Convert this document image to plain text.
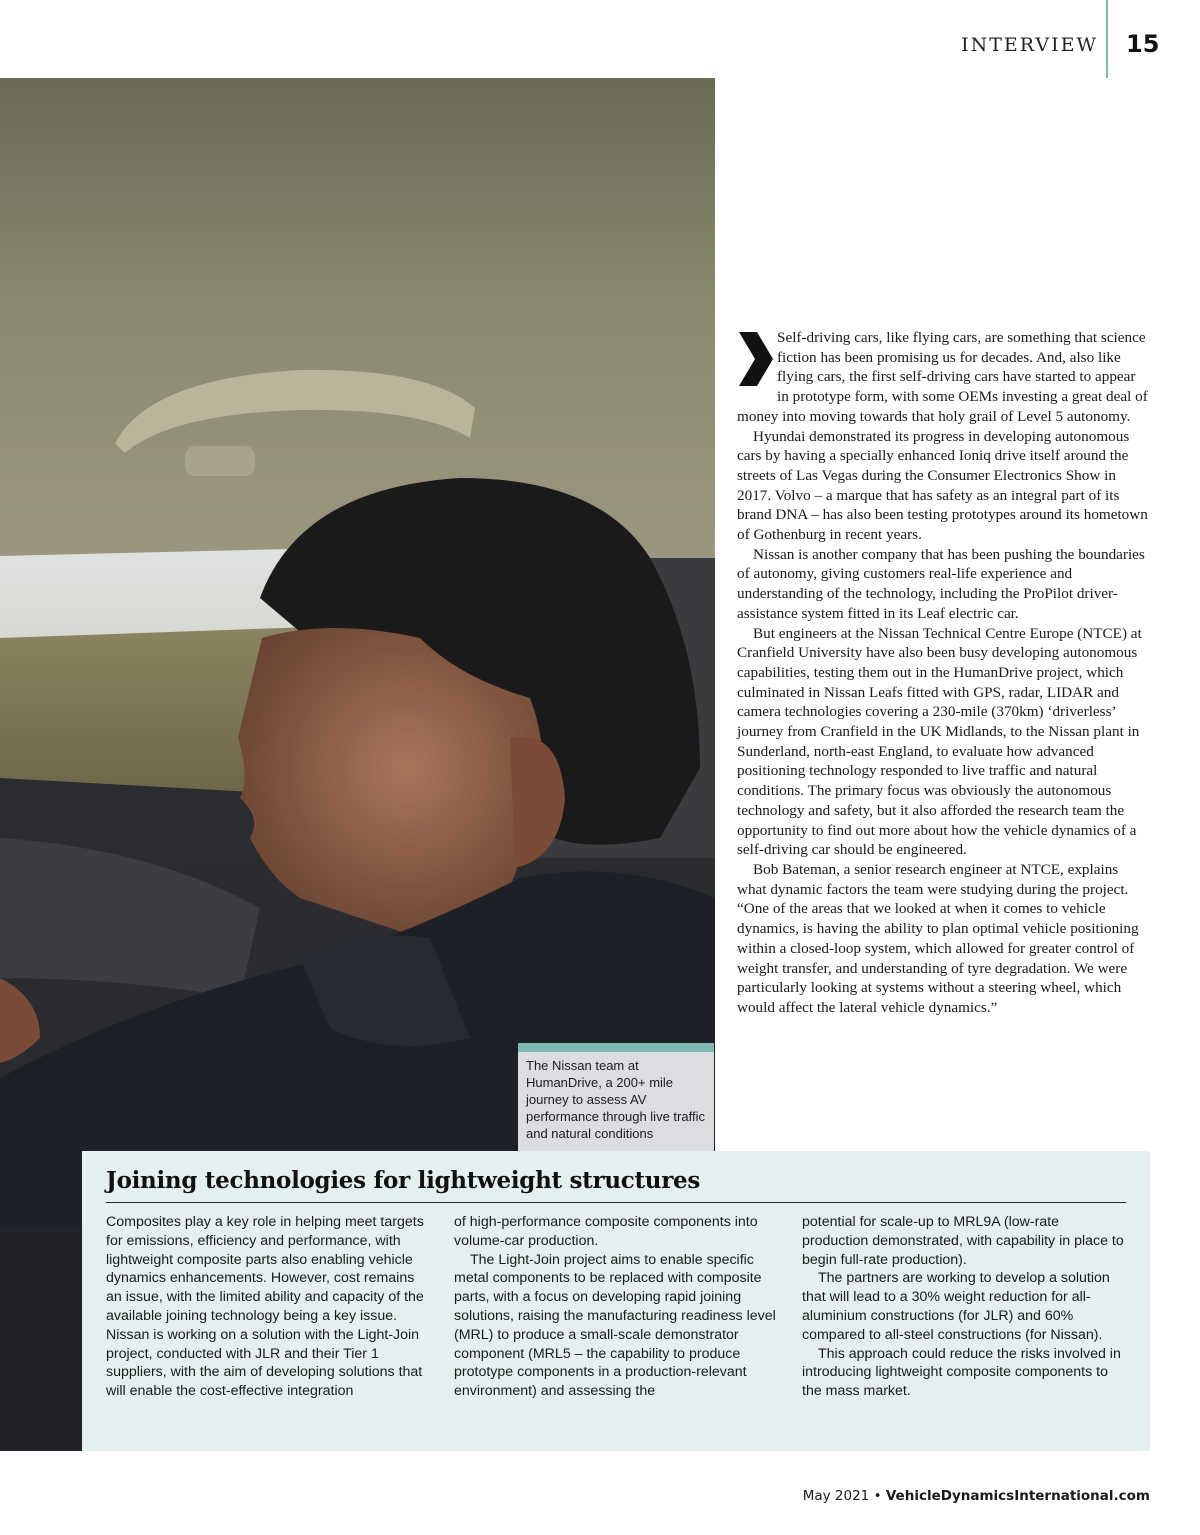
INTERVIEW 15
The Nissan team at HumanDrive, a 200+ mile journey to assess AV performance through live traffic and natural conditions

Self-driving cars, like flying cars, are something that science fiction has been promising us for decades. And, also like flying cars, the first self-driving cars have started to appear in prototype form, with some OEMs investing a great deal of money into moving towards that holy grail of Level 5 autonomy.

Hyundai demonstrated its progress in developing autonomous cars by having a specially enhanced Ioniq drive itself around the streets of Las Vegas during the Consumer Electronics Show in 2017. Volvo – a marque that has safety as an integral part of its brand DNA – has also been testing prototypes around its hometown of Gothenburg in recent years.

Nissan is another company that has been pushing the boundaries of autonomy, giving customers real-life experience and understanding of the technology, including the ProPilot driver-assistance system fitted in its Leaf electric car.

But engineers at the Nissan Technical Centre Europe (NTCE) at Cranfield University have also been busy developing autonomous capabilities, testing them out in the HumanDrive project, which culminated in Nissan Leafs fitted with GPS, radar, LIDAR and camera technologies covering a 230-mile (370km) ‘driverless’ journey from Cranfield in the UK Midlands, to the Nissan plant in Sunderland, north-east England, to evaluate how advanced positioning technology responded to live traffic and natural conditions. The primary focus was obviously the autonomous technology and safety, but it also afforded the research team the opportunity to find out more about how the vehicle dynamics of a self-driving car should be engineered.

Bob Bateman, a senior research engineer at NTCE, explains what dynamic factors the team were studying during the project. “One of the areas that we looked at when it comes to vehicle dynamics, is having the ability to plan optimal vehicle positioning within a closed-loop system, which allowed for greater control of weight transfer, and understanding of tyre degradation. We were particularly looking at systems without a steering wheel, which would affect the lateral vehicle dynamics.”

Joining technologies for lightweight structures

Composites play a key role in helping meet targets for emissions, efficiency and performance, with lightweight composite parts also enabling vehicle dynamics enhancements. However, cost remains an issue, with the limited ability and capacity of the available joining technology being a key issue. Nissan is working on a solution with the Light-Join project, conducted with JLR and their Tier 1 suppliers, with the aim of developing solutions that will enable the cost-effective integration

of high-performance composite components into volume-car production.

The Light-Join project aims to enable specific metal components to be replaced with composite parts, with a focus on developing rapid joining solutions, raising the manufacturing readiness level (MRL) to produce a small-scale demonstrator component (MRL5 – the capability to produce prototype components in a production-relevant environment) and assessing the

potential for scale-up to MRL9A (low-rate production demonstrated, with capability in place to begin full-rate production).

The partners are working to develop a solution that will lead to a 30% weight reduction for all-aluminium constructions (for JLR) and 60% compared to all-steel constructions (for Nissan).

This approach could reduce the risks involved in introducing lightweight composite components to the mass market.

May 2021 • VehicleDynamicsInternational.com
